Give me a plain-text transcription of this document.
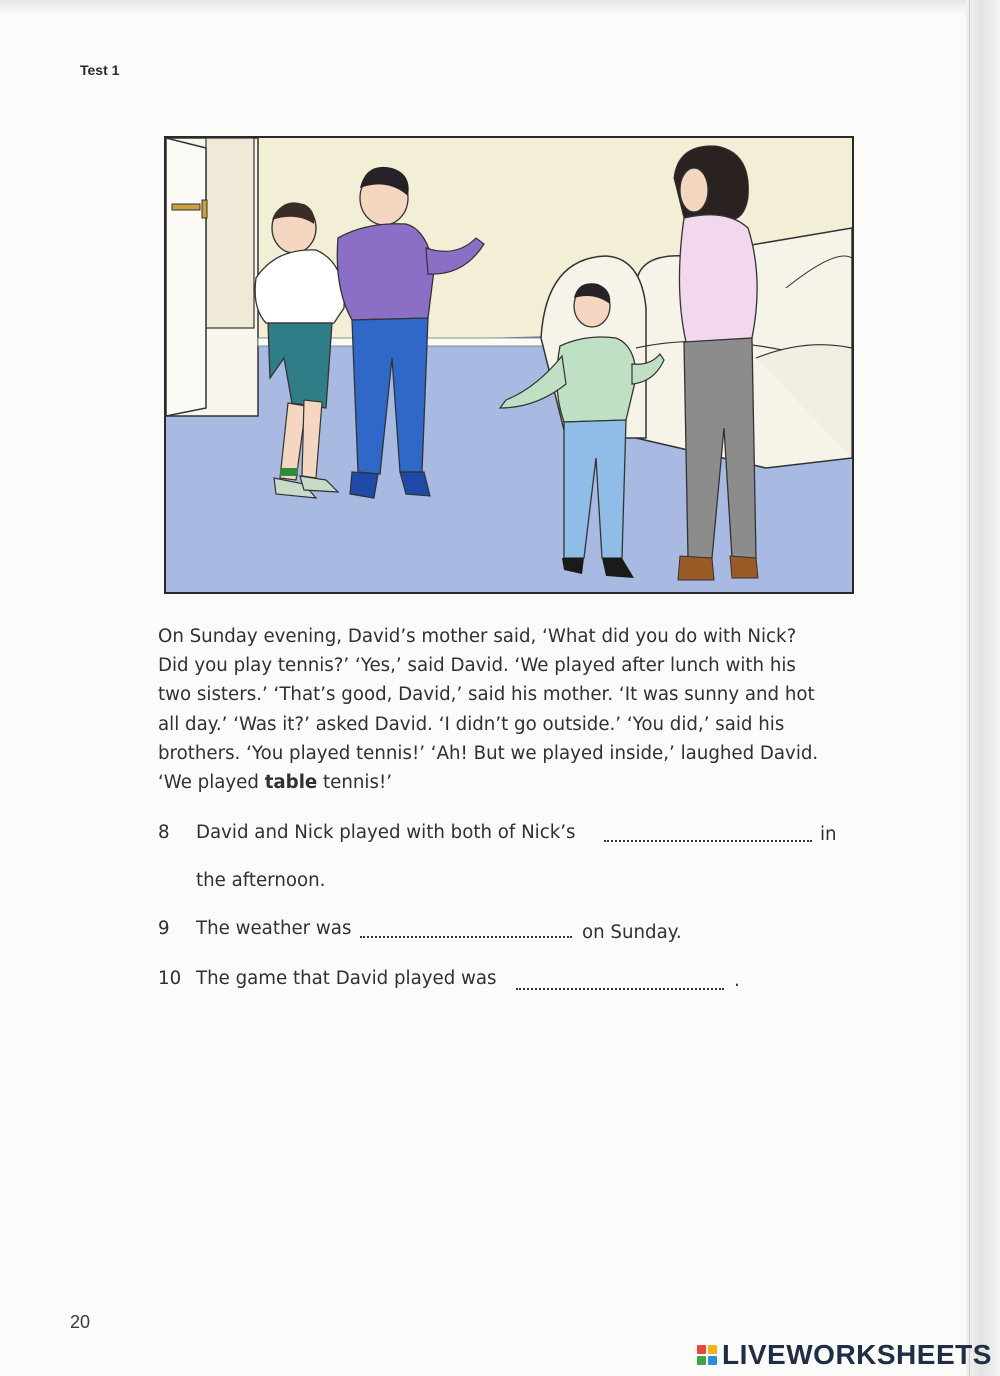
Test 1

On Sunday evening, David’s mother said, ‘What did you do with Nick?

Did you play tennis?’ ‘Yes,’ said David. ‘We played after lunch with his

two sisters.’ ‘That’s good, David,’ said his mother. ‘It was sunny and hot

all day.’ ‘Was it?’ asked David. ‘I didn’t go outside.’ ‘You did,’ said his

brothers. ‘You played tennis!’ ‘Ah! But we played inside,’ laughed David.

‘We played table tennis!’

8 David and Nick played with both of Nick’s	in
the afternoon.
9 The weather was	on Sunday.
10 The game that David played was	.
20
LIVEWORKSHEETS
